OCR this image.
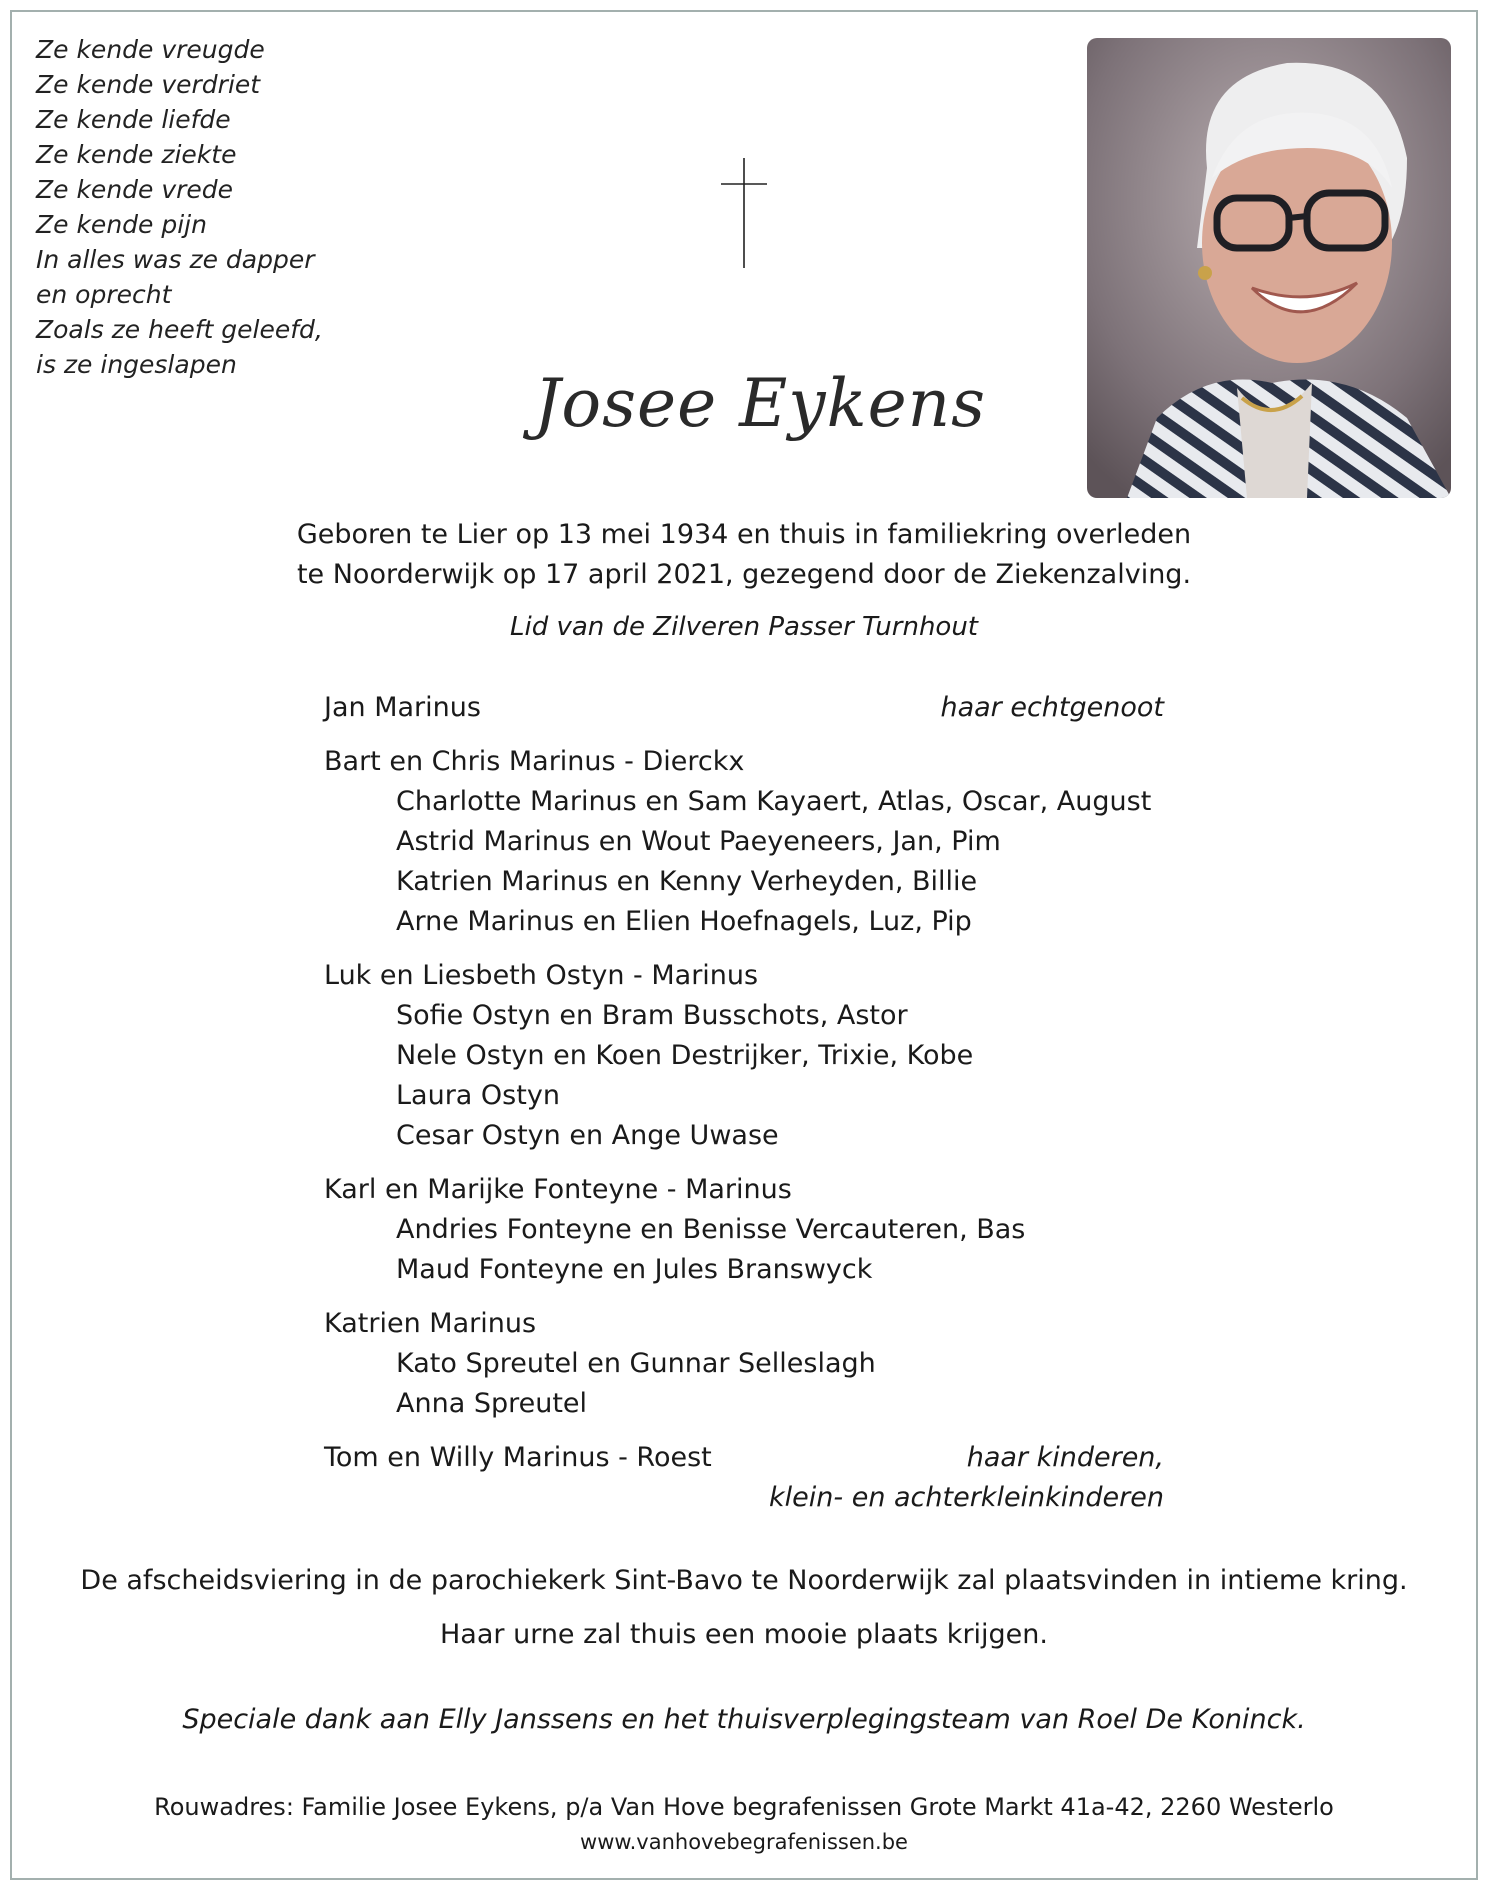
Ze kende vreugde
Ze kende verdriet
Ze kende liefde
Ze kende ziekte
Ze kende vrede
Ze kende pijn
In alles was ze dapper
en oprecht
Zoals ze heeft geleefd,
is ze ingeslapen
Josee Eykens
Geboren te Lier op 13 mei 1934 en thuis in familiekring overleden
te Noorderwijk op 17 april 2021, gezegend door de Ziekenzalving.
Lid van de Zilveren Passer Turnhout
Jan Marinus	haar echtgenoot
Bart en Chris Marinus - Dierckx
Charlotte Marinus en Sam Kayaert, Atlas, Oscar, August
Astrid Marinus en Wout Paeyeneers, Jan, Pim
Katrien Marinus en Kenny Verheyden, Billie
Arne Marinus en Elien Hoefnagels, Luz, Pip
Luk en Liesbeth Ostyn - Marinus
Sofie Ostyn en Bram Busschots, Astor
Nele Ostyn en Koen Destrijker, Trixie, Kobe
Laura Ostyn
Cesar Ostyn en Ange Uwase
Karl en Marijke Fonteyne - Marinus
Andries Fonteyne en Benisse Vercauteren, Bas
Maud Fonteyne en Jules Branswyck
Katrien Marinus
Kato Spreutel en Gunnar Selleslagh
Anna Spreutel
Tom en Willy Marinus - Roest	haar kinderen,
klein- en achterkleinkinderen
De afscheidsviering in de parochiekerk Sint-Bavo te Noorderwijk zal plaatsvinden in intieme kring.
Haar urne zal thuis een mooie plaats krijgen.
Speciale dank aan Elly Janssens en het thuisverplegingsteam van Roel De Koninck.
Rouwadres: Familie Josee Eykens, p/a Van Hove begrafenissen Grote Markt 41a-42, 2260 Westerlo
www.vanhovebegrafenissen.be
